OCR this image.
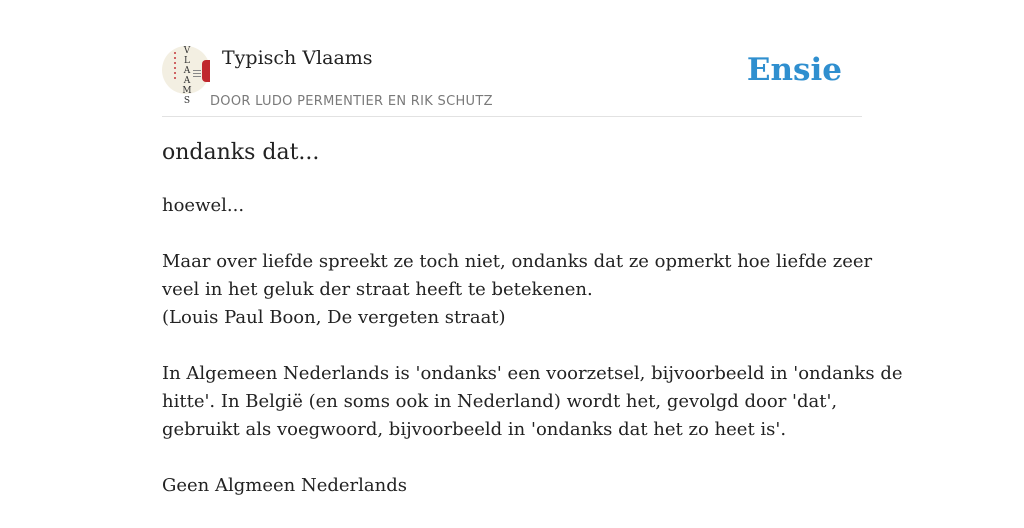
V
L
A
A
M
S
Typisch Vlaams
DOOR LUDO PERMENTIER EN RIK SCHUTZ
Ensie
ondanks dat...

hoewel...

Maar over liefde spreekt ze toch niet, ondanks dat ze opmerkt hoe liefde zeer
veel in het geluk der straat heeft te betekenen.
(Louis Paul Boon, De vergeten straat)

In Algemeen Nederlands is 'ondanks' een voorzetsel, bijvoorbeeld in 'ondanks de
hitte'. In België (en soms ook in Nederland) wordt het, gevolgd door 'dat',
gebruikt als voegwoord, bijvoorbeeld in 'ondanks dat het zo heet is'.

Geen Algmeen Nederlands
